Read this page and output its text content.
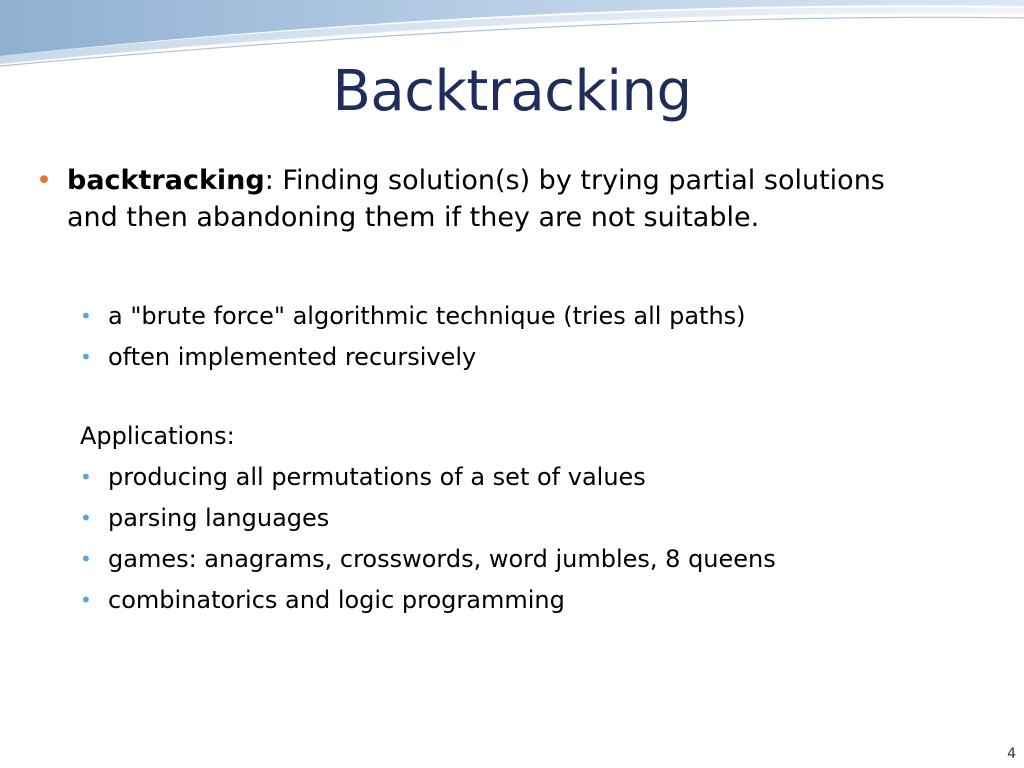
Backtracking
• backtracking: Finding solution(s) by trying partial solutions and then abandoning them if they are not suitable.
• a "brute force" algorithmic technique (tries all paths)
• often implemented recursively
Applications:
• producing all permutations of a set of values
• parsing languages
• games: anagrams, crosswords, word jumbles, 8 queens
• combinatorics and logic programming
4
